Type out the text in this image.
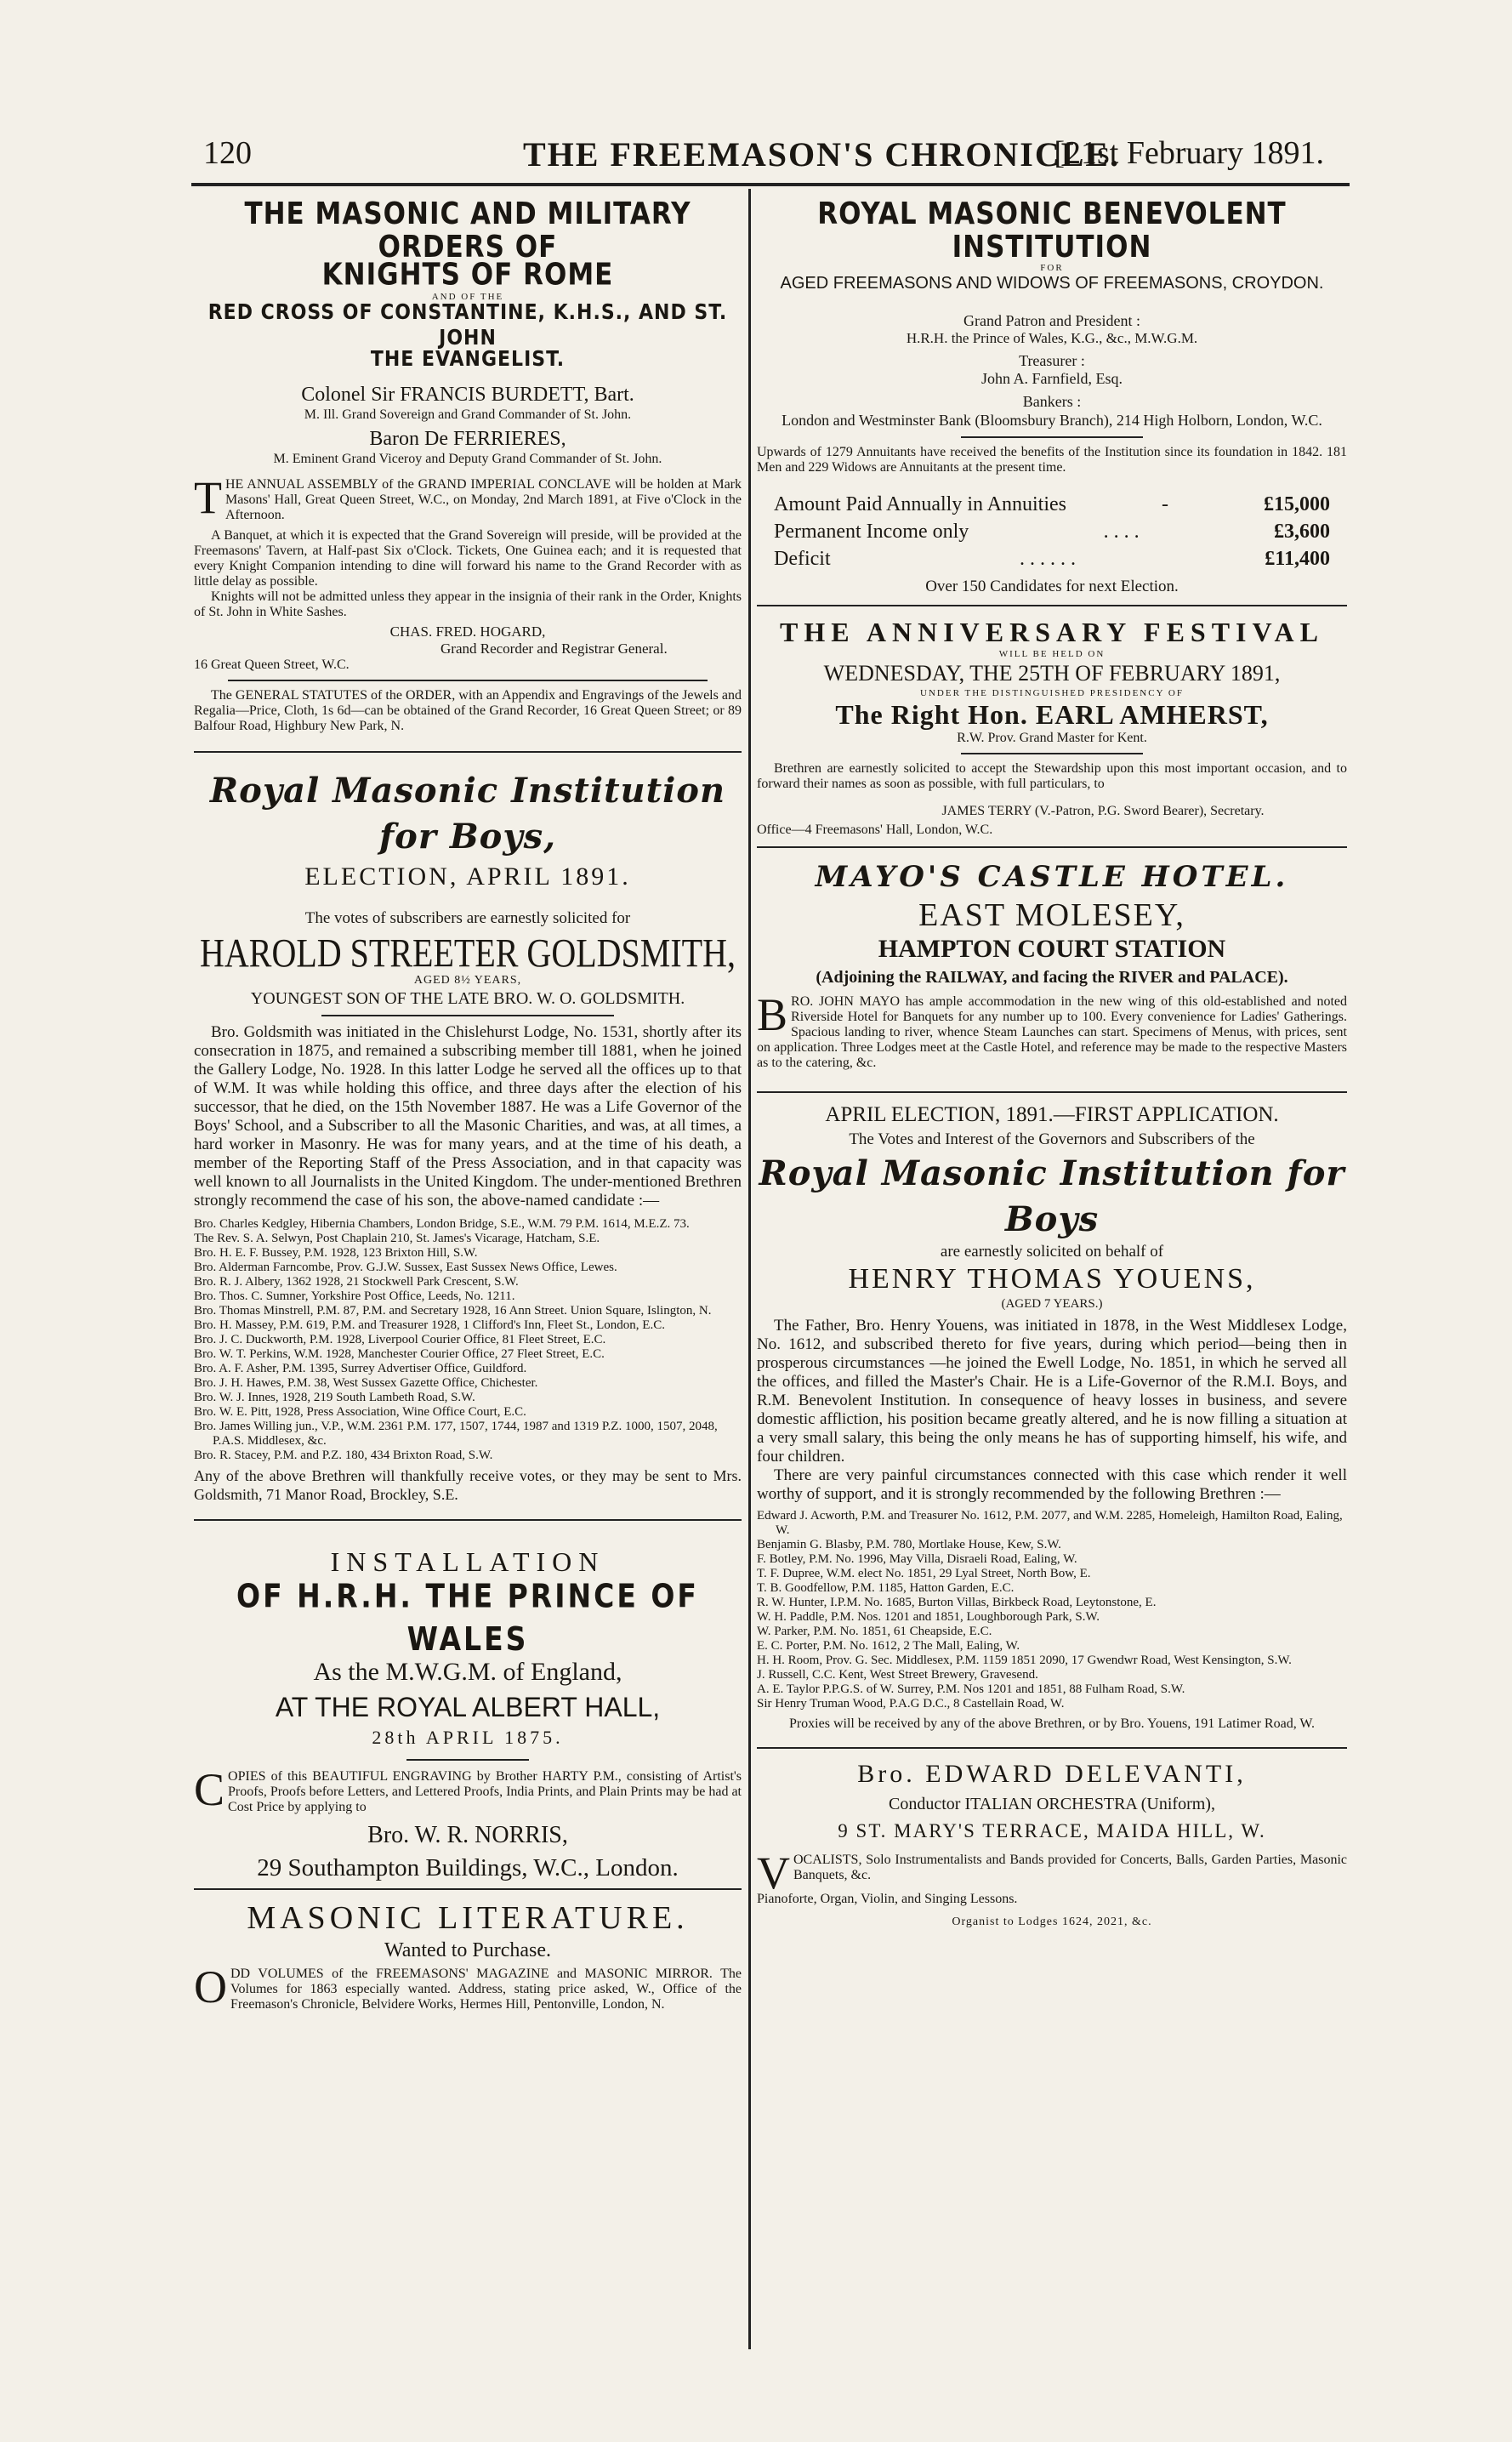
120	THE FREEMASON'S CHRONICLE.
[21st February 1891.

THE MASONIC AND MILITARY ORDERS OF

KNIGHTS OF ROME

AND OF THE

RED CROSS OF CONSTANTINE, K.H.S., AND ST. JOHN

THE EVANGELIST.

Colonel Sir FRANCIS BURDETT, Bart.

M. Ill. Grand Sovereign and Grand Commander of St. John.

Baron De FERRIERES,

M. Eminent Grand Viceroy and Deputy Grand Commander of St. John.

T HE ANNUAL ASSEMBLY of the GRAND IMPERIAL CONCLAVE will be holden at Mark Masons' Hall, Great Queen Street, W.C., on Monday, 2nd March 1891, at Five o'Clock in the Afternoon.

A Banquet, at which it is expected that the Grand Sovereign will preside, will be provided at the Freemasons' Tavern, at Half-past Six o'Clock. Tickets, One Guinea each; and it is requested that every Knight Companion intending to dine will forward his name to the Grand Recorder with as little delay as possible.

Knights will not be admitted unless they appear in the insignia of their rank in the Order, Knights of St. John in White Sashes.

CHAS. FRED. HOGARD,

Grand Recorder and Registrar General.

16 Great Queen Street, W.C.

The GENERAL STATUTES of the ORDER, with an Appendix and Engravings of the Jewels and Regalia—Price, Cloth, 1s 6d—can be obtained of the Grand Recorder, 16 Great Queen Street; or 89 Balfour Road, Highbury New Park, N.

Royal Masonic Institution for Boys,

ELECTION, APRIL 1891.

The votes of subscribers are earnestly solicited for

HAROLD STREETER GOLDSMITH,

AGED 8½ YEARS,

YOUNGEST SON OF THE LATE BRO. W. O. GOLDSMITH.

Bro. Goldsmith was initiated in the Chislehurst Lodge, No. 1531, shortly after its consecration in 1875, and remained a subscribing member till 1881, when he joined the Gallery Lodge, No. 1928. In this latter Lodge he served all the offices up to that of W.M. It was while holding this office, and three days after the election of his successor, that he died, on the 15th November 1887. He was a Life Governor of the Boys' School, and a Subscriber to all the Masonic Charities, and was, at all times, a hard worker in Masonry. He was for many years, and at the time of his death, a member of the Reporting Staff of the Press Association, and in that capacity was well known to all Journalists in the United Kingdom. The under-mentioned Brethren strongly recommend the case of his son, the above-named candidate :—

Bro. Charles Kedgley, Hibernia Chambers, London Bridge, S.E., W.M. 79 P.M. 1614, M.E.Z. 73.

The Rev. S. A. Selwyn, Post Chaplain 210, St. James's Vicarage, Hatcham, S.E.

Bro. H. E. F. Bussey, P.M. 1928, 123 Brixton Hill, S.W.

Bro. Alderman Farncombe, Prov. G.J.W. Sussex, East Sussex News Office, Lewes.

Bro. R. J. Albery, 1362 1928, 21 Stockwell Park Crescent, S.W.

Bro. Thos. C. Sumner, Yorkshire Post Office, Leeds, No. 1211.

Bro. Thomas Minstrell, P.M. 87, P.M. and Secretary 1928, 16 Ann Street. Union Square, Islington, N.

Bro. H. Massey, P.M. 619, P.M. and Treasurer 1928, 1 Clifford's Inn, Fleet St., London, E.C.

Bro. J. C. Duckworth, P.M. 1928, Liverpool Courier Office, 81 Fleet Street, E.C.

Bro. W. T. Perkins, W.M. 1928, Manchester Courier Office, 27 Fleet Street, E.C.

Bro. A. F. Asher, P.M. 1395, Surrey Advertiser Office, Guildford.

Bro. J. H. Hawes, P.M. 38, West Sussex Gazette Office, Chichester.

Bro. W. J. Innes, 1928, 219 South Lambeth Road, S.W.

Bro. W. E. Pitt, 1928, Press Association, Wine Office Court, E.C.

Bro. James Willing jun., V.P., W.M. 2361 P.M. 177, 1507, 1744, 1987 and 1319 P.Z. 1000, 1507, 2048, P.A.S. Middlesex, &c.

Bro. R. Stacey, P.M. and P.Z. 180, 434 Brixton Road, S.W.

Any of the above Brethren will thankfully receive votes, or they may be sent to Mrs. Goldsmith, 71 Manor Road, Brockley, S.E.

INSTALLATION

OF H.R.H. THE PRINCE OF WALES

As the M.W.G.M. of England,

AT THE ROYAL ALBERT HALL,

28th APRIL 1875.

C OPIES of this BEAUTIFUL ENGRAVING by Brother HARTY P.M., consisting of Artist's Proofs, Proofs before Letters, and Lettered Proofs, India Prints, and Plain Prints may be had at Cost Price by applying to

Bro. W. R. NORRIS,

29 Southampton Buildings, W.C., London.

MASONIC LITERATURE.

Wanted to Purchase.

O DD VOLUMES of the FREEMASONS' MAGAZINE and MASONIC MIRROR. The Volumes for 1863 especially wanted. Address, stating price asked, W., Office of the Freemason's Chronicle, Belvidere Works, Hermes Hill, Pentonville, London, N.

ROYAL MASONIC BENEVOLENT INSTITUTION

FOR

AGED FREEMASONS AND WIDOWS OF FREEMASONS, CROYDON.

Grand Patron and President :

H.R.H. the Prince of Wales, K.G., &c., M.W.G.M.

Treasurer :

John A. Farnfield, Esq.

Bankers :

London and Westminster Bank (Bloomsbury Branch), 214 High Holborn, London, W.C.

Upwards of 1279 Annuitants have received the benefits of the Institution since its foundation in 1842. 181 Men and 229 Widows are Annuitants at the present time.

Amount Paid Annually in Annuities	-	£15,000
Permanent Income only	. . . .	£3,600
Deficit	. . . . . .	£11,400

Over 150 Candidates for next Election.

THE ANNIVERSARY FESTIVAL

WILL BE HELD ON

WEDNESDAY, THE 25TH OF FEBRUARY 1891,

UNDER THE DISTINGUISHED PRESIDENCY OF

The Right Hon. EARL AMHERST,

R.W. Prov. Grand Master for Kent.

Brethren are earnestly solicited to accept the Stewardship upon this most important occasion, and to forward their names as soon as possible, with full particulars, to

JAMES TERRY (V.-Patron, P.G. Sword Bearer), Secretary.

Office—4 Freemasons' Hall, London, W.C.

MAYO'S CASTLE HOTEL.

EAST MOLESEY,

HAMPTON COURT STATION

(Adjoining the RAILWAY, and facing the RIVER and PALACE).

B RO. JOHN MAYO has ample accommodation in the new wing of this old-established and noted Riverside Hotel for Banquets for any number up to 100. Every convenience for Ladies' Gatherings. Spacious landing to river, whence Steam Launches can start. Specimens of Menus, with prices, sent on application. Three Lodges meet at the Castle Hotel, and reference may be made to the respective Masters as to the catering, &c.

APRIL ELECTION, 1891.—FIRST APPLICATION.

The Votes and Interest of the Governors and Subscribers of the

Royal Masonic Institution for Boys

are earnestly solicited on behalf of

HENRY THOMAS YOUENS,

(AGED 7 YEARS.)

The Father, Bro. Henry Youens, was initiated in 1878, in the West Middlesex Lodge, No. 1612, and subscribed thereto for five years, during which period—being then in prosperous circumstances —he joined the Ewell Lodge, No. 1851, in which he served all the offices, and filled the Master's Chair. He is a Life-Governor of the R.M.I. Boys, and R.M. Benevolent Institution. In consequence of heavy losses in business, and severe domestic affliction, his position became greatly altered, and he is now filling a situation at a very small salary, this being the only means he has of supporting himself, his wife, and four children.

There are very painful circumstances connected with this case which render it well worthy of support, and it is strongly recommended by the following Brethren :—

Edward J. Acworth, P.M. and Treasurer No. 1612, P.M. 2077, and W.M. 2285, Homeleigh, Hamilton Road, Ealing, W.

Benjamin G. Blasby, P.M. 780, Mortlake House, Kew, S.W.

F. Botley, P.M. No. 1996, May Villa, Disraeli Road, Ealing, W.

T. F. Dupree, W.M. elect No. 1851, 29 Lyal Street, North Bow, E.

T. B. Goodfellow, P.M. 1185, Hatton Garden, E.C.

R. W. Hunter, I.P.M. No. 1685, Burton Villas, Birkbeck Road, Leytonstone, E.

W. H. Paddle, P.M. Nos. 1201 and 1851, Loughborough Park, S.W.

W. Parker, P.M. No. 1851, 61 Cheapside, E.C.

E. C. Porter, P.M. No. 1612, 2 The Mall, Ealing, W.

H. H. Room, Prov. G. Sec. Middlesex, P.M. 1159 1851 2090, 17 Gwendwr Road, West Kensington, S.W.

J. Russell, C.C. Kent, West Street Brewery, Gravesend.

A. E. Taylor P.P.G.S. of W. Surrey, P.M. Nos 1201 and 1851, 88 Fulham Road, S.W.

Sir Henry Truman Wood, P.A.G D.C., 8 Castellain Road, W.

Proxies will be received by any of the above Brethren, or by Bro. Youens, 191 Latimer Road, W.

Bro. EDWARD DELEVANTI,

Conductor ITALIAN ORCHESTRA (Uniform),

9 ST. MARY'S TERRACE, MAIDA HILL, W.

V OCALISTS, Solo Instrumentalists and Bands provided for Concerts, Balls, Garden Parties, Masonic Banquets, &c.

Pianoforte, Organ, Violin, and Singing Lessons.

Organist to Lodges 1624, 2021, &c.
